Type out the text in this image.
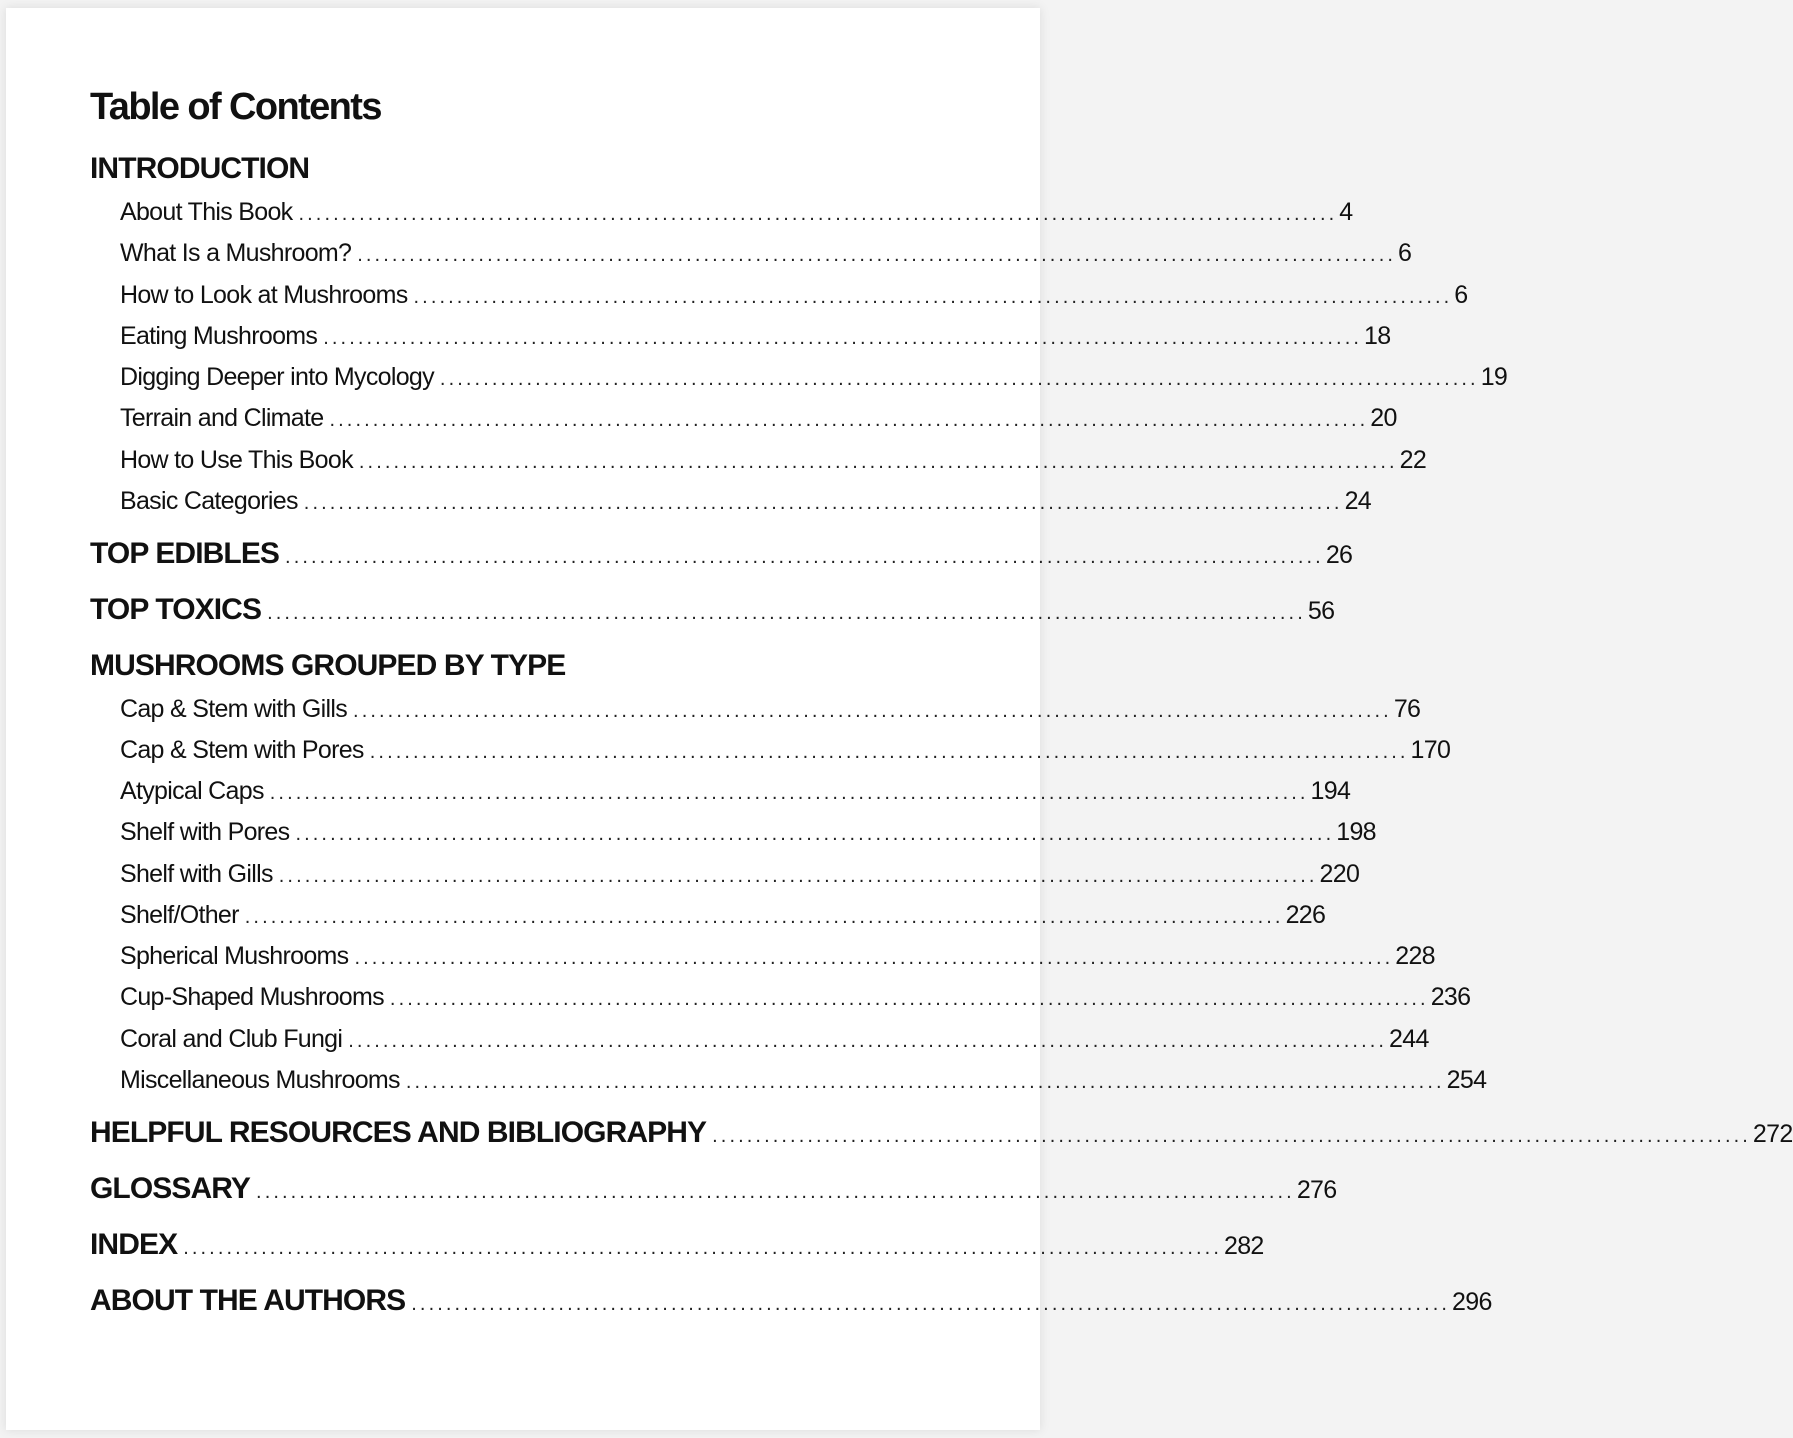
Table of Contents
INTRODUCTION
About This Book ........................................................................................................................ 4
What Is a Mushroom? ........................................................................................................................ 6
How to Look at Mushrooms ........................................................................................................................ 6
Eating Mushrooms ........................................................................................................................ 18
Digging Deeper into Mycology ........................................................................................................................ 19
Terrain and Climate ........................................................................................................................ 20
How to Use This Book ........................................................................................................................ 22
Basic Categories ........................................................................................................................ 24
TOP EDIBLES ........................................................................................................................ 26
TOP TOXICS ........................................................................................................................ 56
MUSHROOMS GROUPED BY TYPE
Cap & Stem with Gills ........................................................................................................................ 76
Cap & Stem with Pores ........................................................................................................................ 170
Atypical Caps ........................................................................................................................ 194
Shelf with Pores ........................................................................................................................ 198
Shelf with Gills ........................................................................................................................ 220
Shelf/Other ........................................................................................................................ 226
Spherical Mushrooms ........................................................................................................................ 228
Cup-Shaped Mushrooms ........................................................................................................................ 236
Coral and Club Fungi ........................................................................................................................ 244
Miscellaneous Mushrooms ........................................................................................................................ 254
HELPFUL RESOURCES AND BIBLIOGRAPHY ........................................................................................................................ 272
GLOSSARY ........................................................................................................................ 276
INDEX ........................................................................................................................ 282
ABOUT THE AUTHORS ........................................................................................................................ 296
